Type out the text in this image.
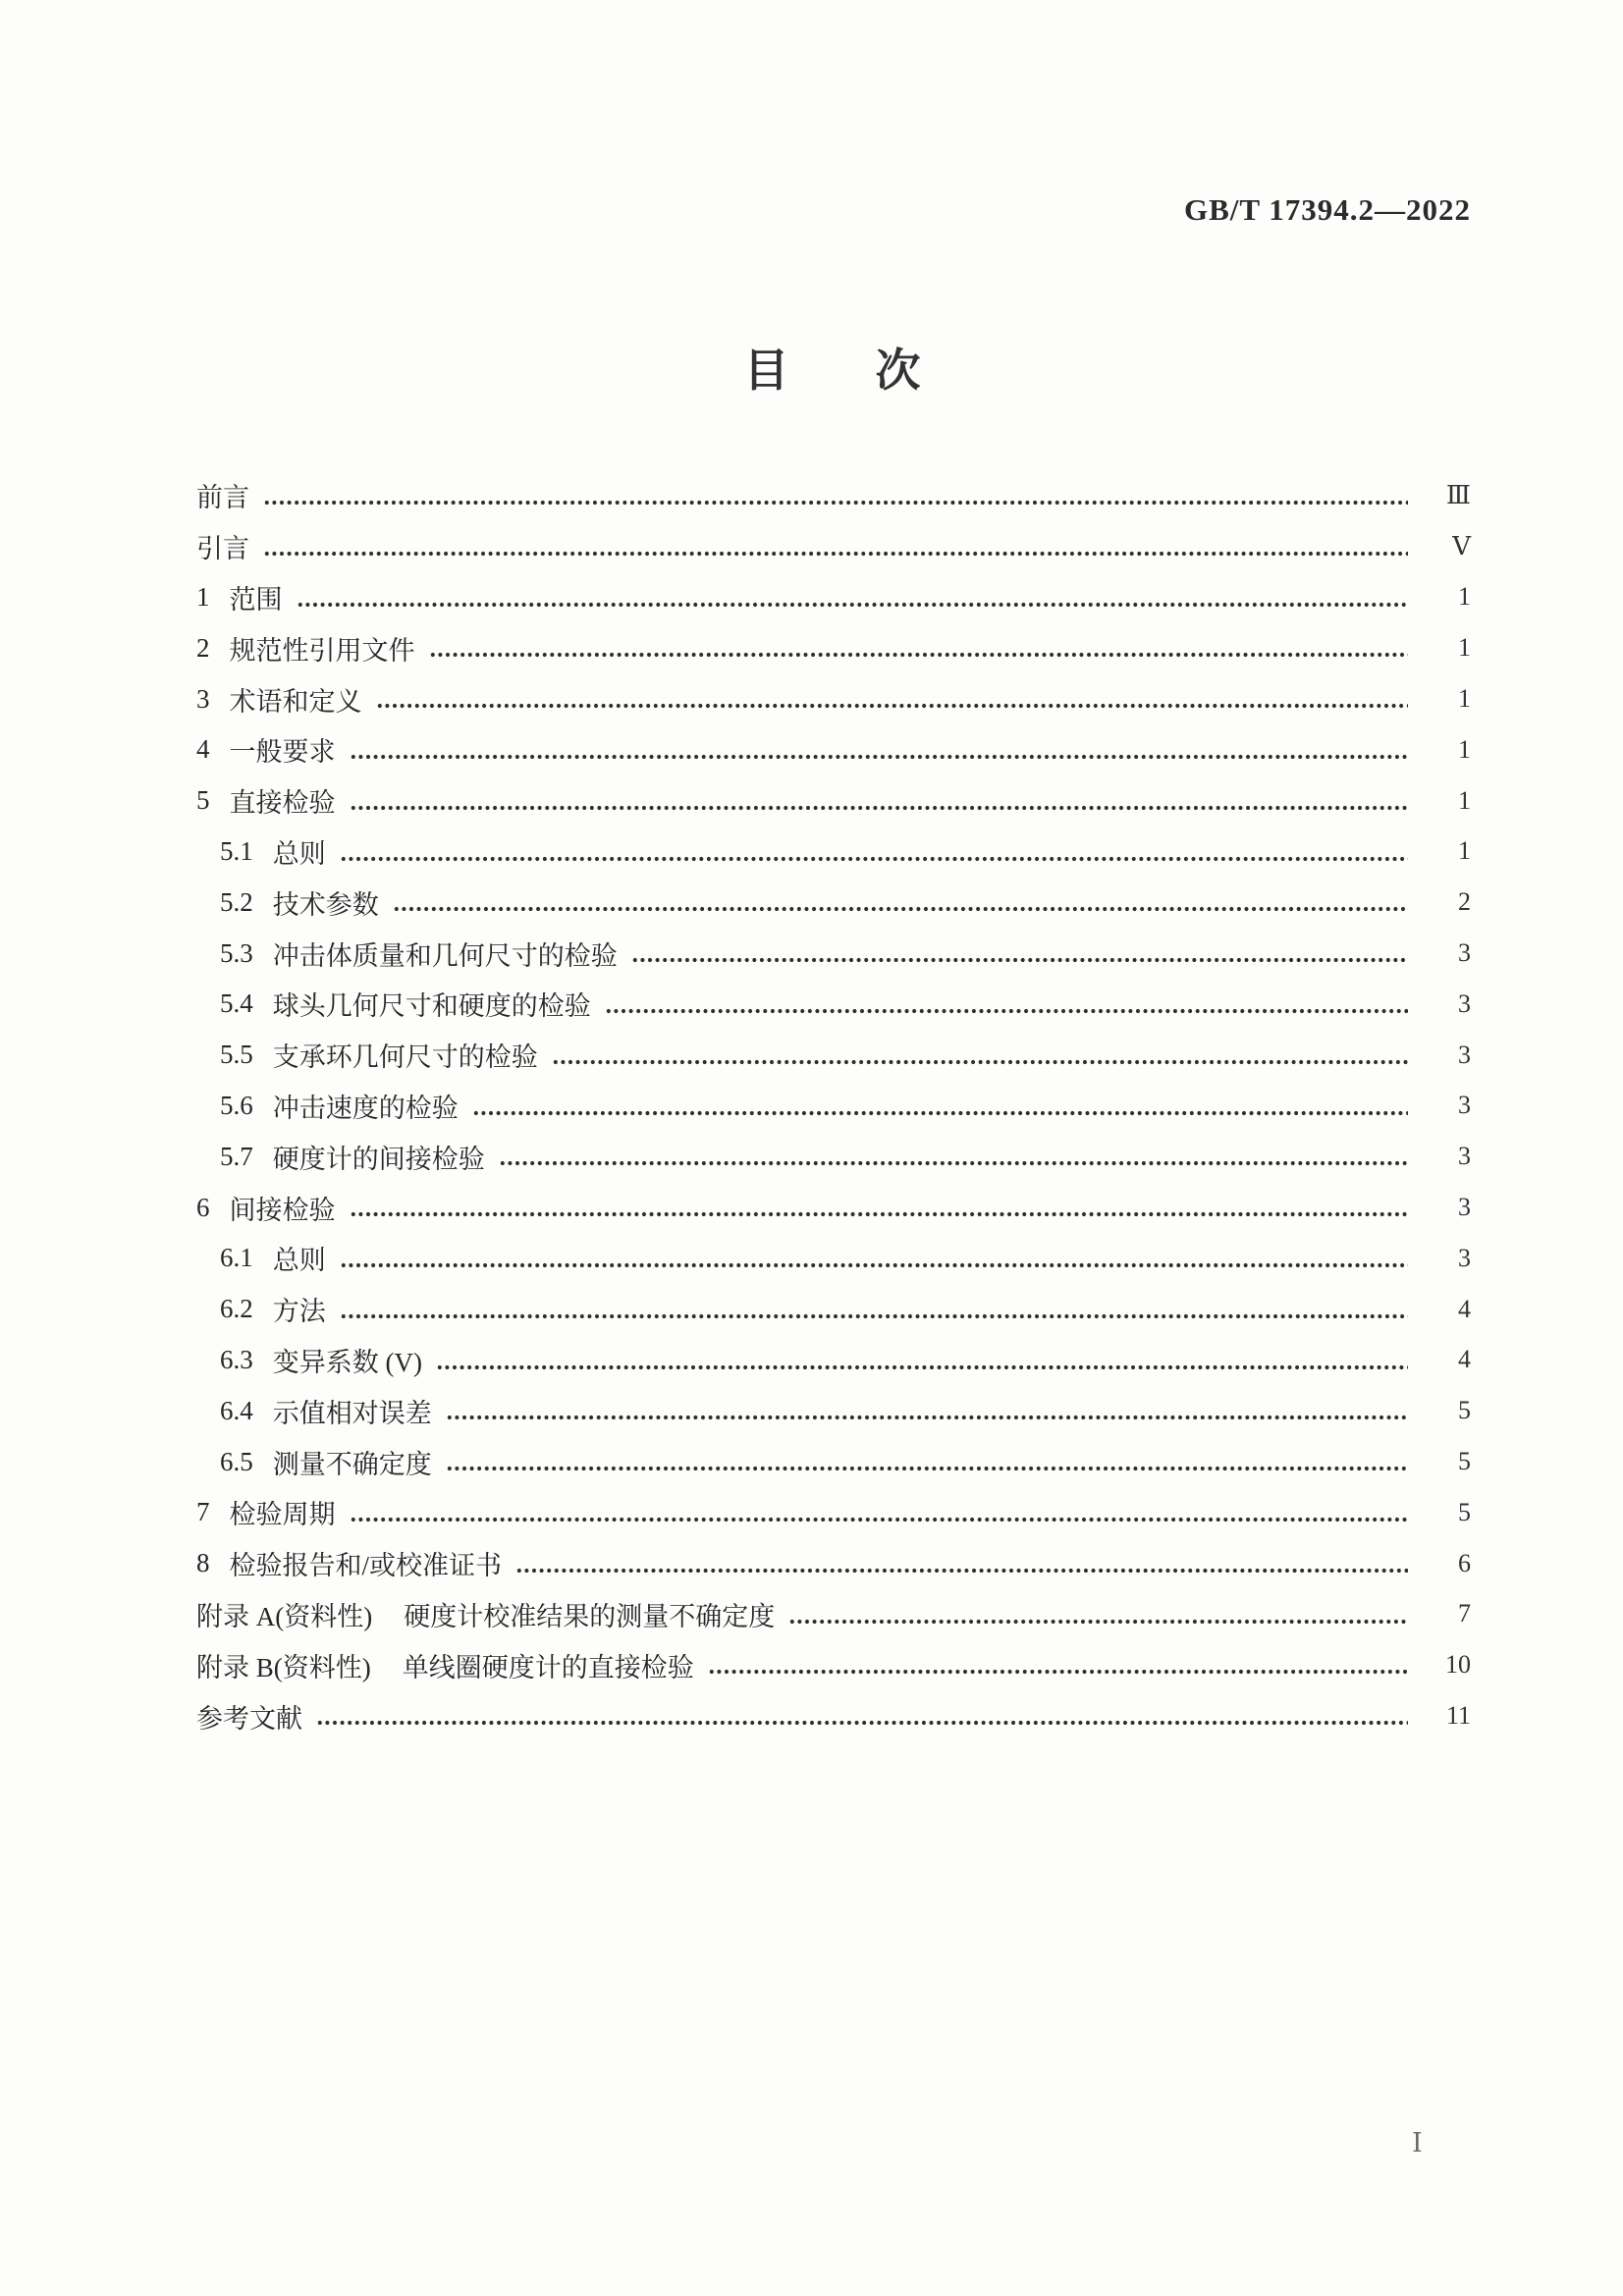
GB/T 17394.2—2022
目 次
前言	Ⅲ
引言	Ⅴ
1 范围	1
2 规范性引用文件	1
3 术语和定义	1
4 一般要求	1
5 直接检验	1
5.1 总则	1
5.2 技术参数	2
5.3 冲击体质量和几何尺寸的检验	3
5.4 球头几何尺寸和硬度的检验	3
5.5 支承环几何尺寸的检验	3
5.6 冲击速度的检验	3
5.7 硬度计的间接检验	3
6 间接检验	3
6.1 总则	3
6.2 方法	4
6.3 变异系数 (V)	4
6.4 示值相对误差	5
6.5 测量不确定度	5
7 检验周期	5
8 检验报告和/或校准证书	6
附录 A(资料性) 硬度计校准结果的测量不确定度	7
附录 B(资料性) 单线圈硬度计的直接检验	10
参考文献	11
Ⅰ
